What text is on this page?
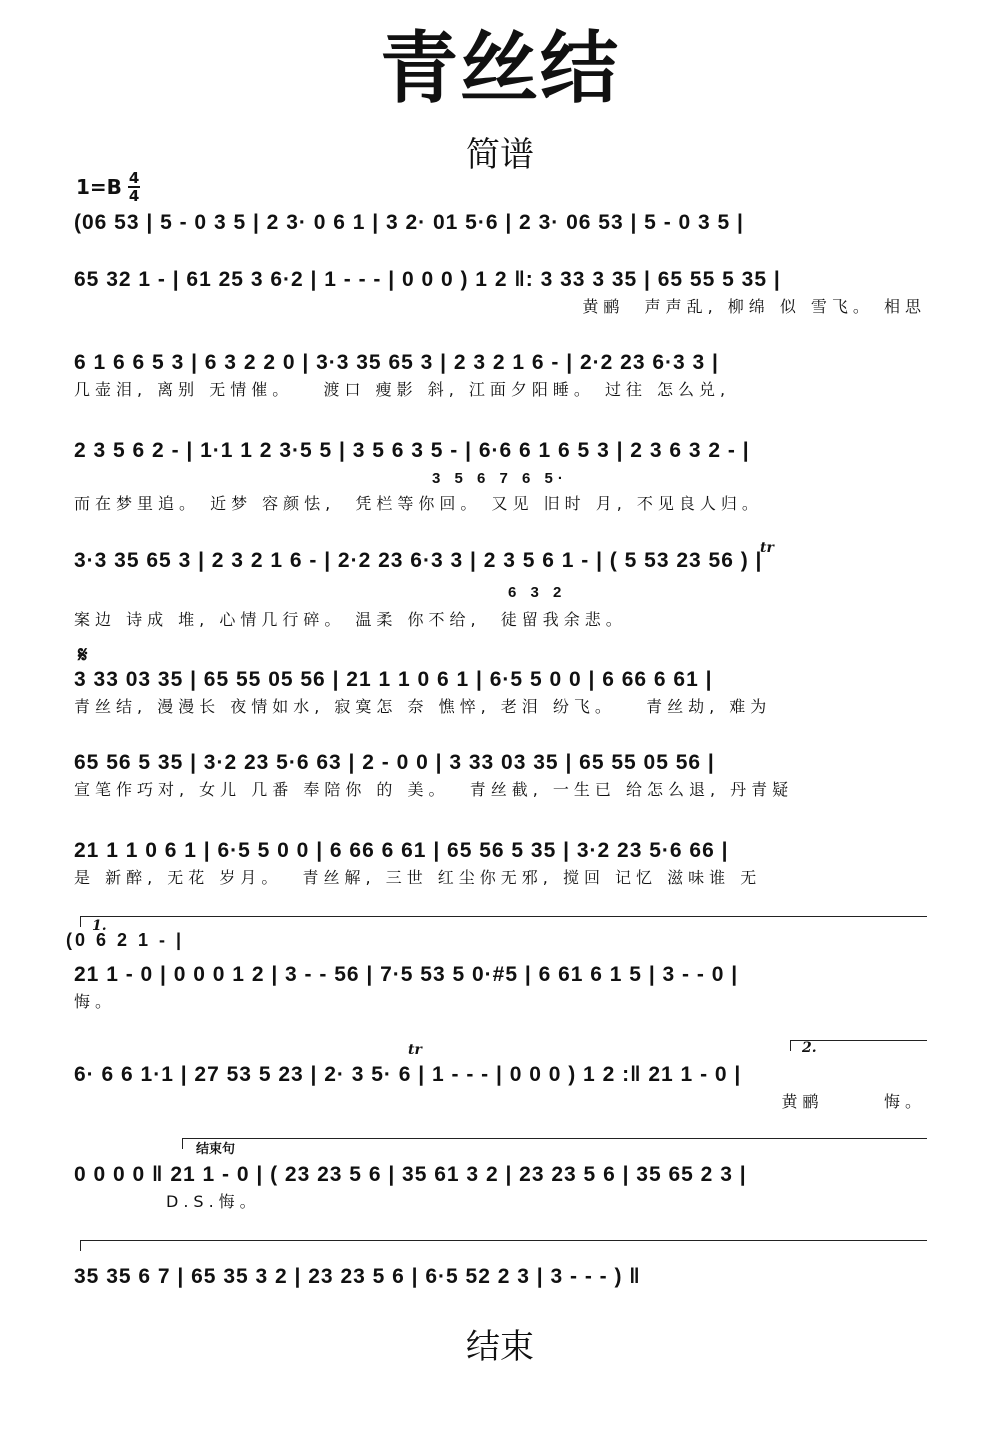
青丝结
简谱
$1=B \frac{4}{4}$
(06 53 | 5 - 0 3 5 | 2 3· 0 6 1 | 3 2· 01 5·6 | 2 3· 06 53 | 5 - 0 3 5 |
65 32 1 - | 61 25 3 6·2 | 1 - - - | 0 0 0 ) 1 2 ‖: 3 33 3 35 | 65 55 5 35 |
黄鹂  声声乱, 柳绵 似 雪飞。 相思
6 1 6 6 5 3 | 6 3 2 2 0 | 3·3 35 65 3 | 2 3 2 1 6 - | 2·2 23 6·3 3 |
几壶泪, 离别 无情催。   渡口 瘦影 斜, 江面夕阳睡。 过往 怎么兑,
2 3 5 6 2 - | 1·1 1 2 3·5 5 | 3 5 6 3 5 - | 6·6 6 1 6 5 3 | 2 3 6 3 2 - |
而在梦里追。 近梦 容颜怯,  凭栏等你回。 又见 旧时 月, 不见良人归。
3 5 6 7 6 5·
3·3 35 65 3 | 2 3 2 1 6 - | 2·2 23 6·3 3 | 2 3 5 6 1 - | ( 5 53 23 56 ) |
案边 诗成 堆, 心情几行碎。 温柔 你不给,  徒留我余悲。
6 3 2
tr
𝄋
3 33 03 35 | 65 55 05 56 | 21 1 1 0 6 1 | 6·5 5 0 0 | 6 66 6 61 |
青丝结, 漫漫长 夜情如水, 寂寞怎 奈 憔悴, 老泪 纷飞。   青丝劫, 难为
65 56 5 35 | 3·2 23 5·6 63 | 2 - 0 0 | 3 33 03 35 | 65 55 05 56 |
宣笔作巧对, 女儿 几番 奉陪你 的 美。  青丝截, 一生已 给怎么退, 丹青疑
21 1 1 0 6 1 | 6·5 5 0 0 | 6 66 6 61 | 65 56 5 35 | 3·2 23 5·6 66 |
是 新醉, 无花 岁月。  青丝解, 三世 红尘你无邪, 搅回 记忆 滋味谁 无
1.
(0 6 2 1 - |
21 1 - 0 | 0 0 0 1 2 | 3 - - 56 | 7·5 53 5 0·#5 | 6 61 6 1 5 | 3 - - 0 |
悔。
2.
tr
6· 6 6 1·1 | 27 53 5 23 | 2· 3 5· 6 | 1 - - - | 0 0 0 ) 1 2 :‖ 21 1 - 0 |
黄鹂      悔。
结束句
0 0 0 0 ‖ 21 1 - 0 | ( 23 23 5 6 | 35 61 3 2 | 23 23 5 6 | 35 65 2 3 |
D.S.悔。
35 35 6 7 | 65 35 3 2 | 23 23 5 6 | 6·5 52 2 3 | 3 - - - ) ‖
结束
